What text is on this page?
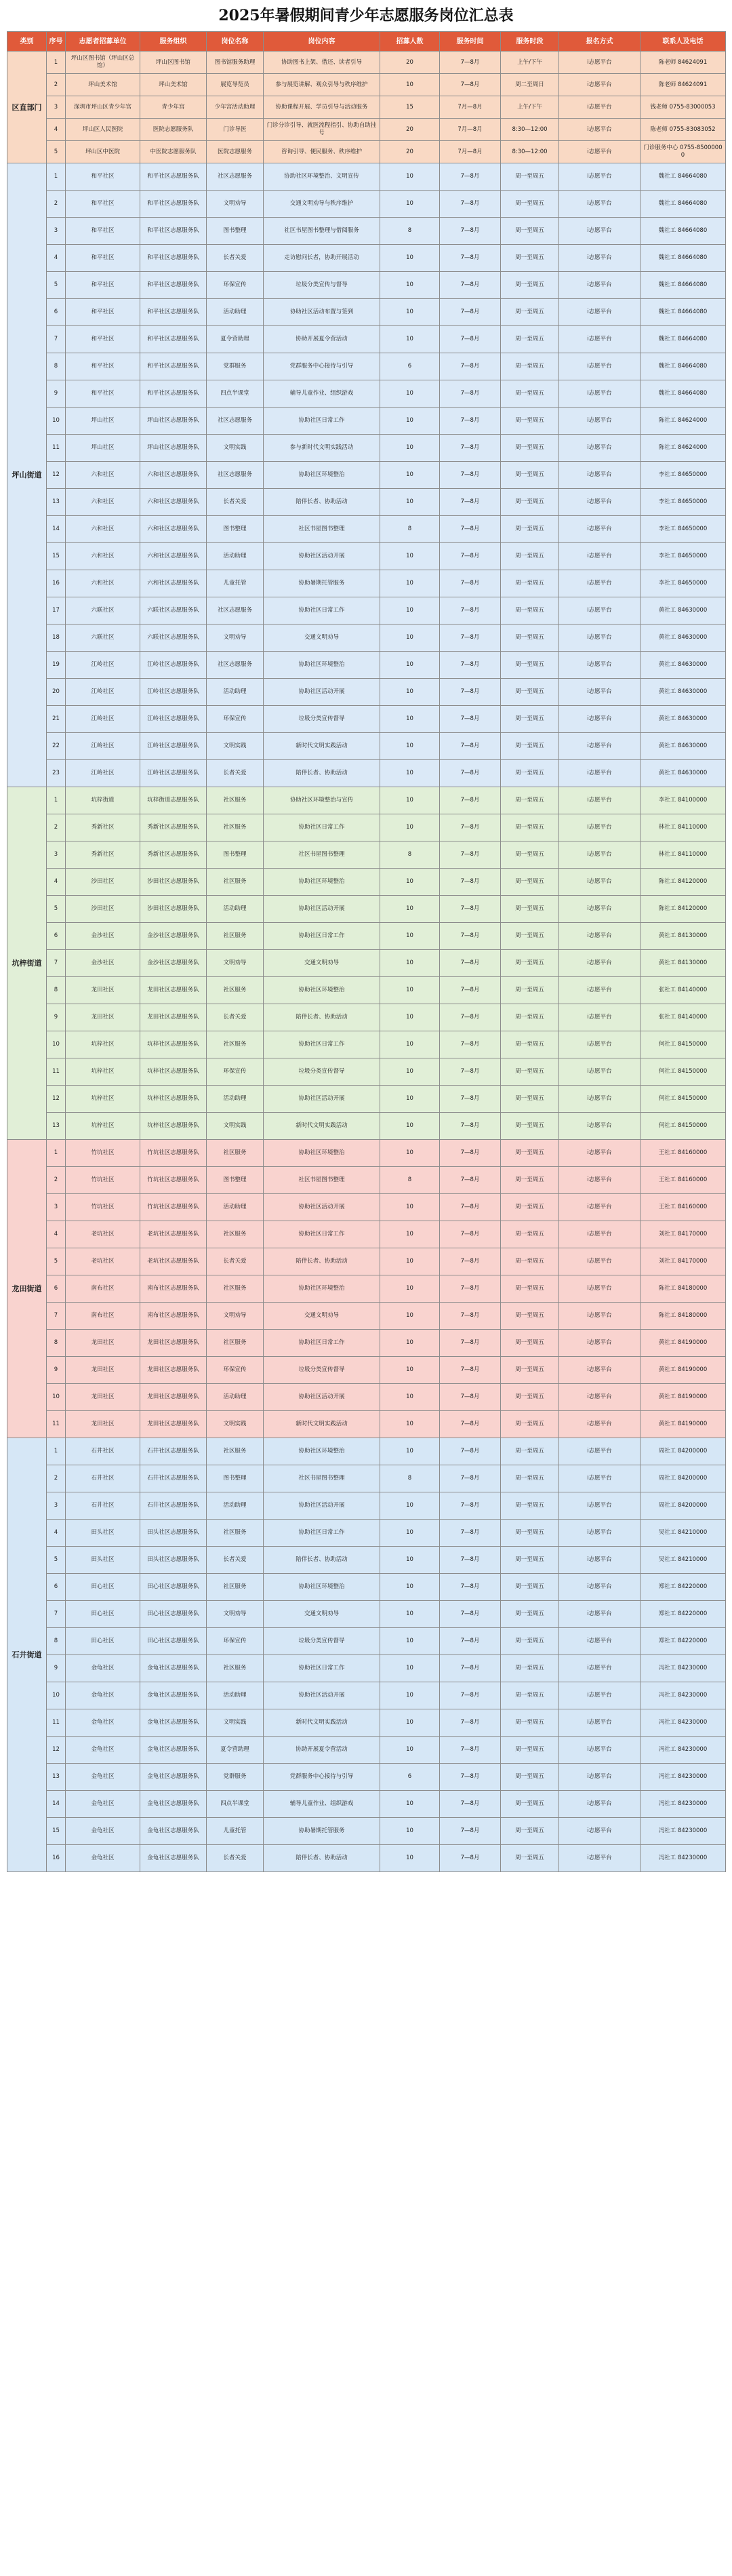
2025年暑假期间青少年志愿服务岗位汇总表
类别	序号	志愿者招募单位	服务组织	岗位名称	岗位内容	招募人数	服务时间	服务时段	报名方式	联系人及电话
区直部门	1	坪山区图书馆（坪山区总馆）	坪山区图书馆	图书馆服务助理	协助图书上架、借还、读者引导	20	7—8月	上午/下午	i志愿平台	陈老师 84624091
	2	坪山美术馆	坪山美术馆	展览导览员	参与展览讲解、观众引导与秩序维护	10	7—8月	周二至周日	i志愿平台	陈老师 84624091
	3	深圳市坪山区青少年宫	青少年宫	少年宫活动助理	协助课程开展、学员引导与活动服务	15	7月—8月	上午/下午	i志愿平台	钱老师 0755-83000053
	4	坪山区人民医院	医院志愿服务队	门诊导医	门诊分诊引导、就医流程指引、协助自助挂号	20	7月—8月	8:30—12:00	i志愿平台	陈老师 0755-83083052
	5	坪山区中医院	中医院志愿服务队	医院志愿服务	咨询引导、便民服务、秩序维护	20	7月—8月	8:30—12:00	i志愿平台	门诊服务中心 0755-85000000
坪山街道	1	和平社区	和平社区志愿服务队	社区志愿服务	协助社区环境整治、文明宣传	10	7—8月	周一至周五	i志愿平台	魏社工 84664080
	2	和平社区	和平社区志愿服务队	文明劝导	交通文明劝导与秩序维护	10	7—8月	周一至周五	i志愿平台	魏社工 84664080
	3	和平社区	和平社区志愿服务队	图书整理	社区书屋图书整理与借阅服务	8	7—8月	周一至周五	i志愿平台	魏社工 84664080
	4	和平社区	和平社区志愿服务队	长者关爱	走访慰问长者，协助开展活动	10	7—8月	周一至周五	i志愿平台	魏社工 84664080
	5	和平社区	和平社区志愿服务队	环保宣传	垃圾分类宣传与督导	10	7—8月	周一至周五	i志愿平台	魏社工 84664080
	6	和平社区	和平社区志愿服务队	活动助理	协助社区活动布置与签到	10	7—8月	周一至周五	i志愿平台	魏社工 84664080
	7	和平社区	和平社区志愿服务队	夏令营助理	协助开展夏令营活动	10	7—8月	周一至周五	i志愿平台	魏社工 84664080
	8	和平社区	和平社区志愿服务队	党群服务	党群服务中心接待与引导	6	7—8月	周一至周五	i志愿平台	魏社工 84664080
	9	和平社区	和平社区志愿服务队	四点半课堂	辅导儿童作业、组织游戏	10	7—8月	周一至周五	i志愿平台	魏社工 84664080
	10	坪山社区	坪山社区志愿服务队	社区志愿服务	协助社区日常工作	10	7—8月	周一至周五	i志愿平台	陈社工 84624000
	11	坪山社区	坪山社区志愿服务队	文明实践	参与新时代文明实践活动	10	7—8月	周一至周五	i志愿平台	陈社工 84624000
	12	六和社区	六和社区志愿服务队	社区志愿服务	协助社区环境整治	10	7—8月	周一至周五	i志愿平台	李社工 84650000
	13	六和社区	六和社区志愿服务队	长者关爱	陪伴长者、协助活动	10	7—8月	周一至周五	i志愿平台	李社工 84650000
	14	六和社区	六和社区志愿服务队	图书整理	社区书屋图书整理	8	7—8月	周一至周五	i志愿平台	李社工 84650000
	15	六和社区	六和社区志愿服务队	活动助理	协助社区活动开展	10	7—8月	周一至周五	i志愿平台	李社工 84650000
	16	六和社区	六和社区志愿服务队	儿童托管	协助暑期托管服务	10	7—8月	周一至周五	i志愿平台	李社工 84650000
	17	六联社区	六联社区志愿服务队	社区志愿服务	协助社区日常工作	10	7—8月	周一至周五	i志愿平台	黄社工 84630000
	18	六联社区	六联社区志愿服务队	文明劝导	交通文明劝导	10	7—8月	周一至周五	i志愿平台	黄社工 84630000
	19	江岭社区	江岭社区志愿服务队	社区志愿服务	协助社区环境整治	10	7—8月	周一至周五	i志愿平台	黄社工 84630000
	20	江岭社区	江岭社区志愿服务队	活动助理	协助社区活动开展	10	7—8月	周一至周五	i志愿平台	黄社工 84630000
	21	江岭社区	江岭社区志愿服务队	环保宣传	垃圾分类宣传督导	10	7—8月	周一至周五	i志愿平台	黄社工 84630000
	22	江岭社区	江岭社区志愿服务队	文明实践	新时代文明实践活动	10	7—8月	周一至周五	i志愿平台	黄社工 84630000
	23	江岭社区	江岭社区志愿服务队	长者关爱	陪伴长者、协助活动	10	7—8月	周一至周五	i志愿平台	黄社工 84630000
坑梓街道	1	坑梓街道	坑梓街道志愿服务队	社区服务	协助社区环境整治与宣传	10	7—8月	周一至周五	i志愿平台	李社工 84100000
	2	秀新社区	秀新社区志愿服务队	社区服务	协助社区日常工作	10	7—8月	周一至周五	i志愿平台	林社工 84110000
	3	秀新社区	秀新社区志愿服务队	图书整理	社区书屋图书整理	8	7—8月	周一至周五	i志愿平台	林社工 84110000
	4	沙田社区	沙田社区志愿服务队	社区服务	协助社区环境整治	10	7—8月	周一至周五	i志愿平台	陈社工 84120000
	5	沙田社区	沙田社区志愿服务队	活动助理	协助社区活动开展	10	7—8月	周一至周五	i志愿平台	陈社工 84120000
	6	金沙社区	金沙社区志愿服务队	社区服务	协助社区日常工作	10	7—8月	周一至周五	i志愿平台	黄社工 84130000
	7	金沙社区	金沙社区志愿服务队	文明劝导	交通文明劝导	10	7—8月	周一至周五	i志愿平台	黄社工 84130000
	8	龙田社区	龙田社区志愿服务队	社区服务	协助社区环境整治	10	7—8月	周一至周五	i志愿平台	张社工 84140000
	9	龙田社区	龙田社区志愿服务队	长者关爱	陪伴长者、协助活动	10	7—8月	周一至周五	i志愿平台	张社工 84140000
	10	坑梓社区	坑梓社区志愿服务队	社区服务	协助社区日常工作	10	7—8月	周一至周五	i志愿平台	何社工 84150000
	11	坑梓社区	坑梓社区志愿服务队	环保宣传	垃圾分类宣传督导	10	7—8月	周一至周五	i志愿平台	何社工 84150000
	12	坑梓社区	坑梓社区志愿服务队	活动助理	协助社区活动开展	10	7—8月	周一至周五	i志愿平台	何社工 84150000
	13	坑梓社区	坑梓社区志愿服务队	文明实践	新时代文明实践活动	10	7—8月	周一至周五	i志愿平台	何社工 84150000
龙田街道	1	竹坑社区	竹坑社区志愿服务队	社区服务	协助社区环境整治	10	7—8月	周一至周五	i志愿平台	王社工 84160000
	2	竹坑社区	竹坑社区志愿服务队	图书整理	社区书屋图书整理	8	7—8月	周一至周五	i志愿平台	王社工 84160000
	3	竹坑社区	竹坑社区志愿服务队	活动助理	协助社区活动开展	10	7—8月	周一至周五	i志愿平台	王社工 84160000
	4	老坑社区	老坑社区志愿服务队	社区服务	协助社区日常工作	10	7—8月	周一至周五	i志愿平台	刘社工 84170000
	5	老坑社区	老坑社区志愿服务队	长者关爱	陪伴长者、协助活动	10	7—8月	周一至周五	i志愿平台	刘社工 84170000
	6	南布社区	南布社区志愿服务队	社区服务	协助社区环境整治	10	7—8月	周一至周五	i志愿平台	陈社工 84180000
	7	南布社区	南布社区志愿服务队	文明劝导	交通文明劝导	10	7—8月	周一至周五	i志愿平台	陈社工 84180000
	8	龙田社区	龙田社区志愿服务队	社区服务	协助社区日常工作	10	7—8月	周一至周五	i志愿平台	黄社工 84190000
	9	龙田社区	龙田社区志愿服务队	环保宣传	垃圾分类宣传督导	10	7—8月	周一至周五	i志愿平台	黄社工 84190000
	10	龙田社区	龙田社区志愿服务队	活动助理	协助社区活动开展	10	7—8月	周一至周五	i志愿平台	黄社工 84190000
	11	龙田社区	龙田社区志愿服务队	文明实践	新时代文明实践活动	10	7—8月	周一至周五	i志愿平台	黄社工 84190000
石井街道	1	石井社区	石井社区志愿服务队	社区服务	协助社区环境整治	10	7—8月	周一至周五	i志愿平台	周社工 84200000
	2	石井社区	石井社区志愿服务队	图书整理	社区书屋图书整理	8	7—8月	周一至周五	i志愿平台	周社工 84200000
	3	石井社区	石井社区志愿服务队	活动助理	协助社区活动开展	10	7—8月	周一至周五	i志愿平台	周社工 84200000
	4	田头社区	田头社区志愿服务队	社区服务	协助社区日常工作	10	7—8月	周一至周五	i志愿平台	吴社工 84210000
	5	田头社区	田头社区志愿服务队	长者关爱	陪伴长者、协助活动	10	7—8月	周一至周五	i志愿平台	吴社工 84210000
	6	田心社区	田心社区志愿服务队	社区服务	协助社区环境整治	10	7—8月	周一至周五	i志愿平台	郑社工 84220000
	7	田心社区	田心社区志愿服务队	文明劝导	交通文明劝导	10	7—8月	周一至周五	i志愿平台	郑社工 84220000
	8	田心社区	田心社区志愿服务队	环保宣传	垃圾分类宣传督导	10	7—8月	周一至周五	i志愿平台	郑社工 84220000
	9	金龟社区	金龟社区志愿服务队	社区服务	协助社区日常工作	10	7—8月	周一至周五	i志愿平台	冯社工 84230000
	10	金龟社区	金龟社区志愿服务队	活动助理	协助社区活动开展	10	7—8月	周一至周五	i志愿平台	冯社工 84230000
	11	金龟社区	金龟社区志愿服务队	文明实践	新时代文明实践活动	10	7—8月	周一至周五	i志愿平台	冯社工 84230000
	12	金龟社区	金龟社区志愿服务队	夏令营助理	协助开展夏令营活动	10	7—8月	周一至周五	i志愿平台	冯社工 84230000
	13	金龟社区	金龟社区志愿服务队	党群服务	党群服务中心接待与引导	6	7—8月	周一至周五	i志愿平台	冯社工 84230000
	14	金龟社区	金龟社区志愿服务队	四点半课堂	辅导儿童作业、组织游戏	10	7—8月	周一至周五	i志愿平台	冯社工 84230000
	15	金龟社区	金龟社区志愿服务队	儿童托管	协助暑期托管服务	10	7—8月	周一至周五	i志愿平台	冯社工 84230000
	16	金龟社区	金龟社区志愿服务队	长者关爱	陪伴长者、协助活动	10	7—8月	周一至周五	i志愿平台	冯社工 84230000
